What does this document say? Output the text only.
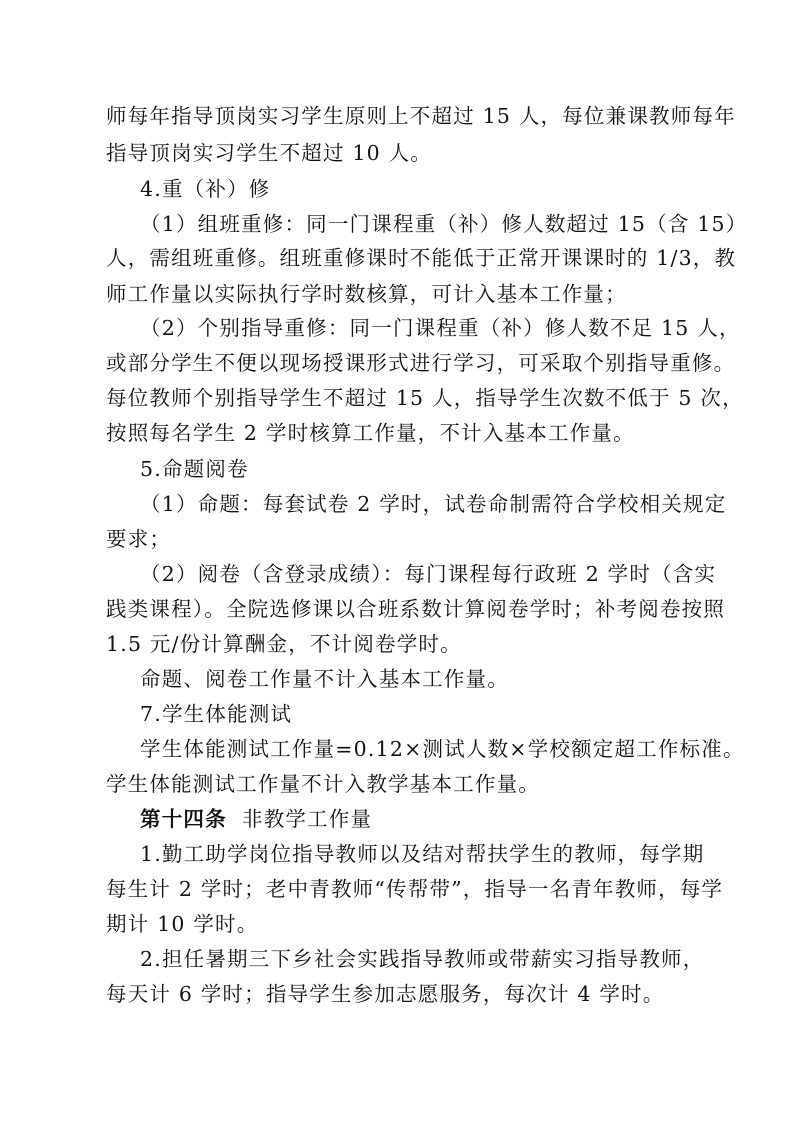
师每年指导顶岗实习学生原则上不超过 15 人，每位兼课教师每年
指导顶岗实习学生不超过 10 人。
4.重（补）修
（1）组班重修：同一门课程重（补）修人数超过 15（含 15）
人，需组班重修。组班重修课时不能低于正常开课课时的 1/3，教
师工作量以实际执行学时数核算，可计入基本工作量；
（2）个别指导重修：同一门课程重（补）修人数不足 15 人，
或部分学生不便以现场授课形式进行学习，可采取个别指导重修。
每位教师个别指导学生不超过 15 人，指导学生次数不低于 5 次，
按照每名学生 2 学时核算工作量，不计入基本工作量。
5.命题阅卷
（1）命题：每套试卷 2 学时，试卷命制需符合学校相关规定
要求；
（2）阅卷（含登录成绩）：每门课程每行政班 2 学时（含实
践类课程）。全院选修课以合班系数计算阅卷学时；补考阅卷按照
1.5 元/份计算酬金，不计阅卷学时。
命题、阅卷工作量不计入基本工作量。
7.学生体能测试
学生体能测试工作量=0.12×测试人数×学校额定超工作标准。
学生体能测试工作量不计入教学基本工作量。
第十四条 非教学工作量
1.勤工助学岗位指导教师以及结对帮扶学生的教师，每学期
每生计 2 学时；老中青教师“传帮带”，指导一名青年教师，每学
期计 10 学时。
2.担任暑期三下乡社会实践指导教师或带薪实习指导教师，
每天计 6 学时；指导学生参加志愿服务，每次计 4 学时。
